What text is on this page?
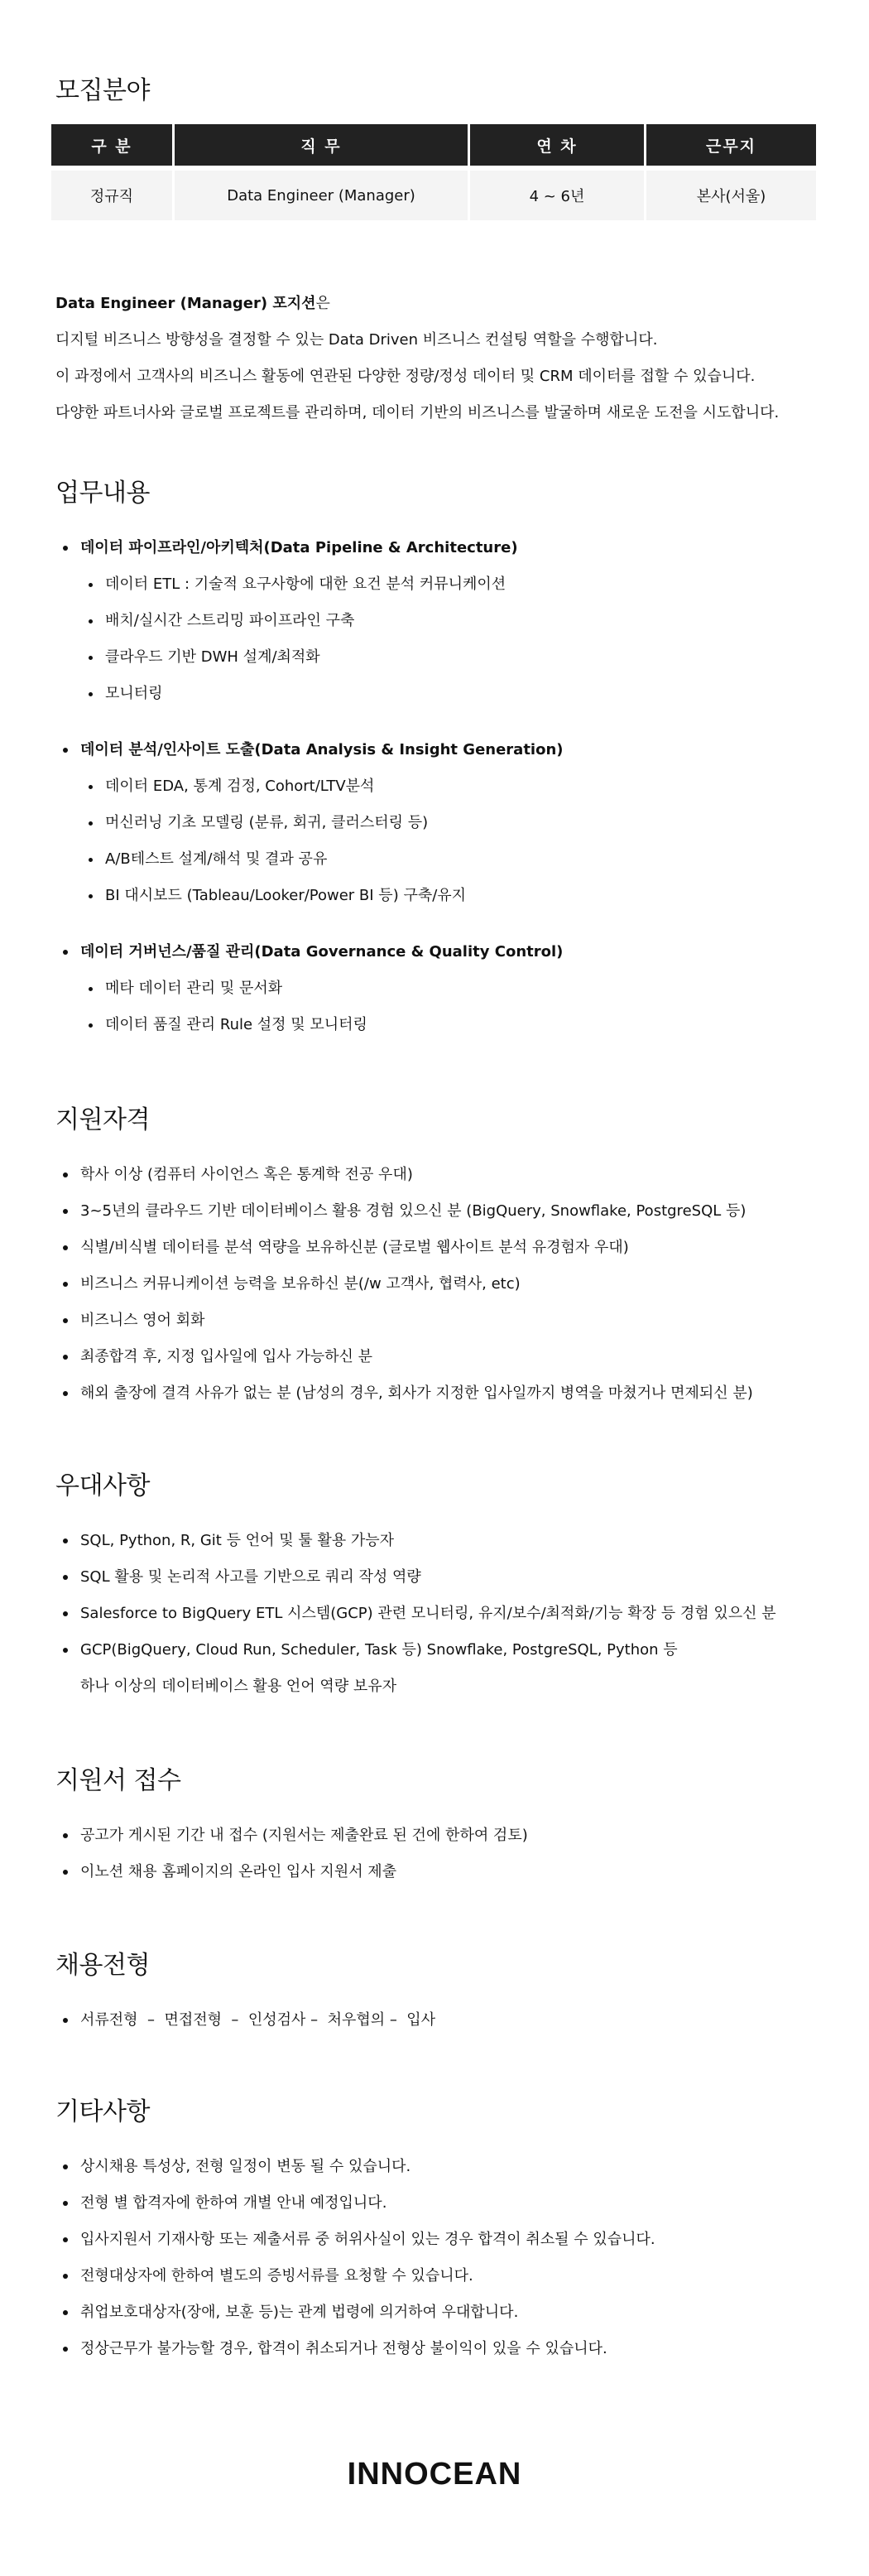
모집분야
구 분	직 무	연 차	근무지
정규직	Data Engineer (Manager)	4 ~ 6년	본사(서울)

Data Engineer (Manager) 포지션은

디지털 비즈니스 방향성을 결정할 수 있는 Data Driven 비즈니스 컨설팅 역할을 수행합니다.

이 과정에서 고객사의 비즈니스 활동에 연관된 다양한 정량/정성 데이터 및 CRM 데이터를 접할 수 있습니다.

다양한 파트너사와 글로벌 프로젝트를 관리하며, 데이터 기반의 비즈니스를 발굴하며 새로운 도전을 시도합니다.

업무내용
데이터 파이프라인/아키텍처(Data Pipeline & Architecture)
데이터 ETL : 기술적 요구사항에 대한 요건 분석 커뮤니케이션
배치/실시간 스트리밍 파이프라인 구축
클라우드 기반 DWH 설계/최적화
모니터링
데이터 분석/인사이트 도출(Data Analysis & Insight Generation)
데이터 EDA, 통계 검정, Cohort/LTV분석
머신러닝 기초 모델링 (분류, 회귀, 클러스터링 등)
A/B테스트 설계/해석 및 결과 공유
BI 대시보드 (Tableau/Looker/Power BI 등) 구축/유지
데이터 거버넌스/품질 관리(Data Governance & Quality Control)
메타 데이터 관리 및 문서화
데이터 품질 관리 Rule 설정 및 모니터링
지원자격
학사 이상 (컴퓨터 사이언스 혹은 통계학 전공 우대)
3~5년의 클라우드 기반 데이터베이스 활용 경험 있으신 분 (BigQuery, Snowflake, PostgreSQL 등)
식별/비식별 데이터를 분석 역량을 보유하신분 (글로벌 웹사이트 분석 유경험자 우대)
비즈니스 커뮤니케이션 능력을 보유하신 분(/w 고객사, 협력사, etc)
비즈니스 영어 회화
최종합격 후, 지정 입사일에 입사 가능하신 분
해외 출장에 결격 사유가 없는 분 (남성의 경우, 회사가 지정한 입사일까지 병역을 마쳤거나 면제되신 분)
우대사항
SQL, Python, R, Git 등 언어 및 툴 활용 가능자
SQL 활용 및 논리적 사고를 기반으로 쿼리 작성 역량
Salesforce to BigQuery ETL 시스템(GCP) 관련 모니터링, 유지/보수/최적화/기능 확장 등 경험 있으신 분
GCP(BigQuery, Cloud Run, Scheduler, Task 등) Snowflake, PostgreSQL, Python 등
하나 이상의 데이터베이스 활용 언어 역량 보유자
지원서 접수
공고가 게시된 기간 내 접수 (지원서는 제출완료 된 건에 한하여 검토)
이노션 채용 홈페이지의 온라인 입사 지원서 제출
채용전형
서류전형  –  면접전형  –  인성검사 –  처우협의 –  입사
기타사항
상시채용 특성상, 전형 일정이 변동 될 수 있습니다.
전형 별 합격자에 한하여 개별 안내 예정입니다.
입사지원서 기재사항 또는 제출서류 중 허위사실이 있는 경우 합격이 취소될 수 있습니다.
전형대상자에 한하여 별도의 증빙서류를 요청할 수 있습니다.
취업보호대상자(장애, 보훈 등)는 관계 법령에 의거하여 우대합니다.
정상근무가 불가능할 경우, 합격이 취소되거나 전형상 불이익이 있을 수 있습니다.
INNOCEAN
